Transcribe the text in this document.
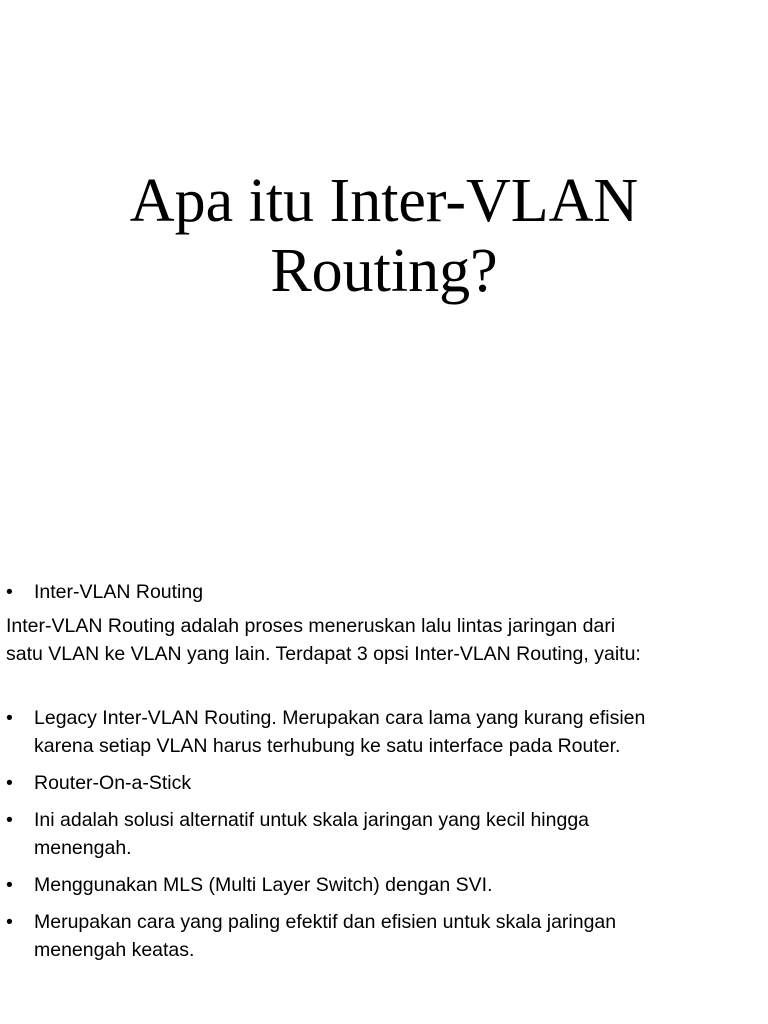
Apa itu Inter-VLAN
Routing?
•	Inter-VLAN Routing
Inter-VLAN Routing adalah proses meneruskan lalu lintas jaringan dari
satu VLAN ke VLAN yang lain. Terdapat 3 opsi Inter-VLAN Routing, yaitu:
•	Legacy Inter-VLAN Routing. Merupakan cara lama yang kurang efisien
karena setiap VLAN harus terhubung ke satu interface pada Router.
•	Router-On-a-Stick
•	Ini adalah solusi alternatif untuk skala jaringan yang kecil hingga
menengah.
•	Menggunakan MLS (Multi Layer Switch) dengan SVI.
•	Merupakan cara yang paling efektif dan efisien untuk skala jaringan
menengah keatas.
